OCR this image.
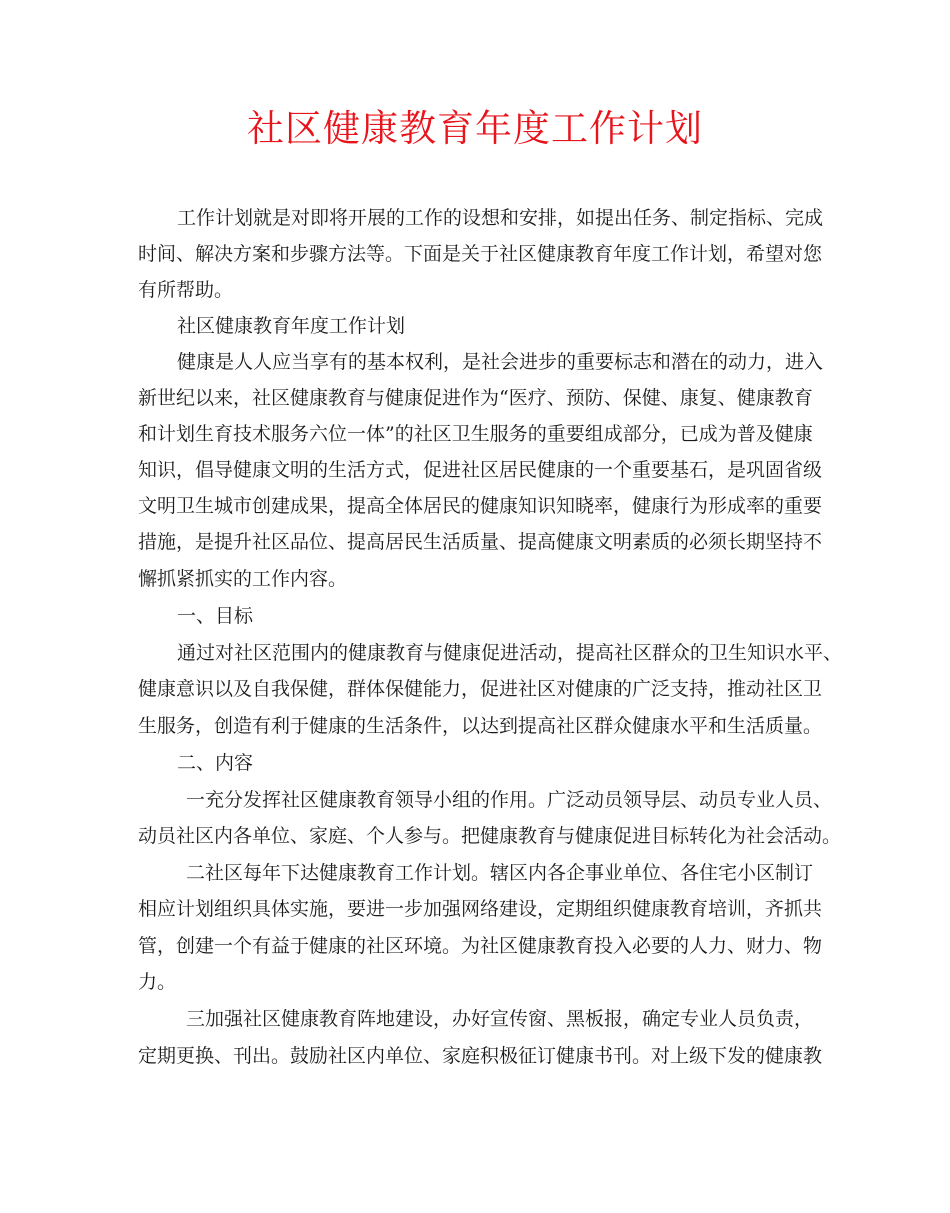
社区健康教育年度工作计划
工作计划就是对即将开展的工作的设想和安排，如提出任务、制定指标、完成
时间、解决方案和步骤方法等。下面是关于社区健康教育年度工作计划，希望对您
有所帮助。
社区健康教育年度工作计划
健康是人人应当享有的基本权利，是社会进步的重要标志和潜在的动力，进入
新世纪以来，社区健康教育与健康促进作为“医疗、预防、保健、康复、健康教育
和计划生育技术服务六位一体”的社区卫生服务的重要组成部分，已成为普及健康
知识，倡导健康文明的生活方式，促进社区居民健康的一个重要基石，是巩固省级
文明卫生城市创建成果，提高全体居民的健康知识知晓率，健康行为形成率的重要
措施，是提升社区品位、提高居民生活质量、提高健康文明素质的必须长期坚持不
懈抓紧抓实的工作内容。
一、目标
通过对社区范围内的健康教育与健康促进活动，提高社区群众的卫生知识水平、
健康意识以及自我保健，群体保健能力，促进社区对健康的广泛支持，推动社区卫
生服务，创造有利于健康的生活条件，以达到提高社区群众健康水平和生活质量。
二、内容
一充分发挥社区健康教育领导小组的作用。广泛动员领导层、动员专业人员、
动员社区内各单位、家庭、个人参与。把健康教育与健康促进目标转化为社会活动。
二社区每年下达健康教育工作计划。辖区内各企事业单位、各住宅小区制订
相应计划组织具体实施，要进一步加强网络建设，定期组织健康教育培训，齐抓共
管，创建一个有益于健康的社区环境。为社区健康教育投入必要的人力、财力、物
力。
三加强社区健康教育阵地建设，办好宣传窗、黑板报，确定专业人员负责，
定期更换、刊出。鼓励社区内单位、家庭积极征订健康书刊。对上级下发的健康教
